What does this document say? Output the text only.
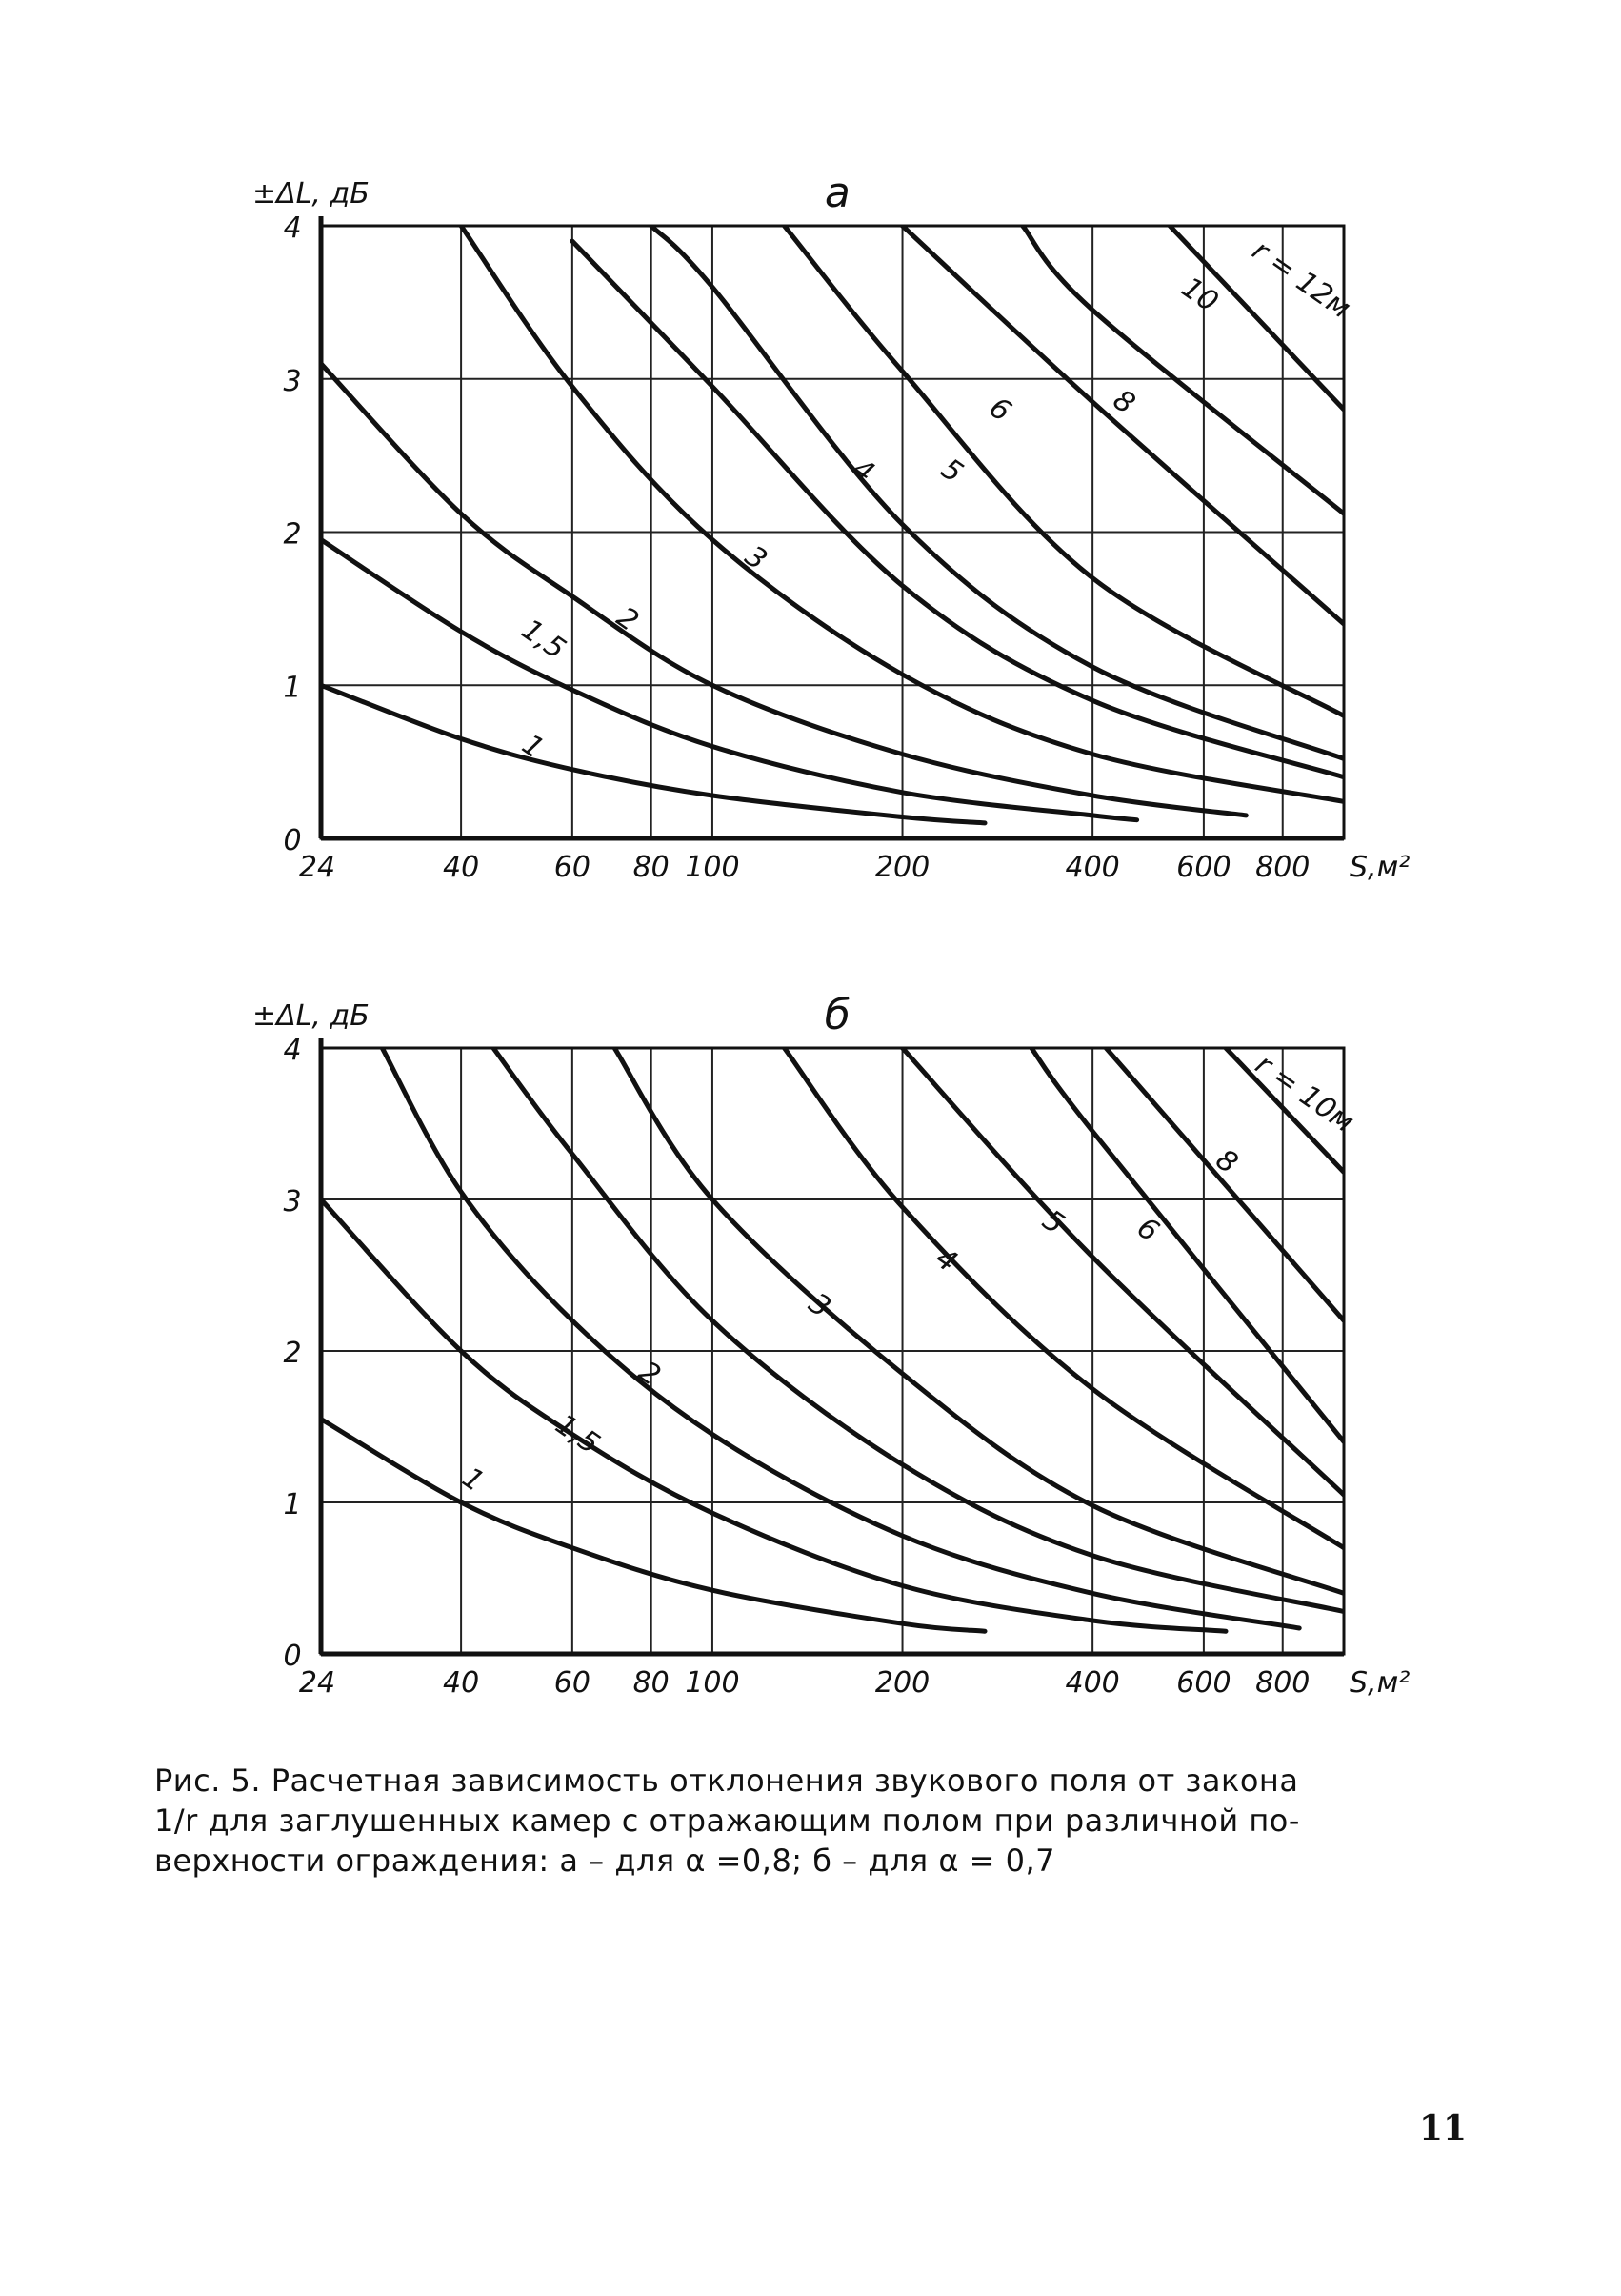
24	40	60 80 100	200	400 600 800
0
1
2
3
4
±ΔL, дБ
S,м²
а
1
1,5 2
3
4 5
6	8
10 r = 12м
24	40	60 80 100	200	400 600 800
0
1
2
3
4
±ΔL, дБ
S,м²
б
1
1,5
2
3
4
5 6
8
r = 10м
Рис. 5. Расчетная зависимость отклонения звукового поля от закона
1/r для заглушенных камер с отражающим полом при различной по-
верхности ограждения: а – для α =0,8; б – для α = 0,7
11
